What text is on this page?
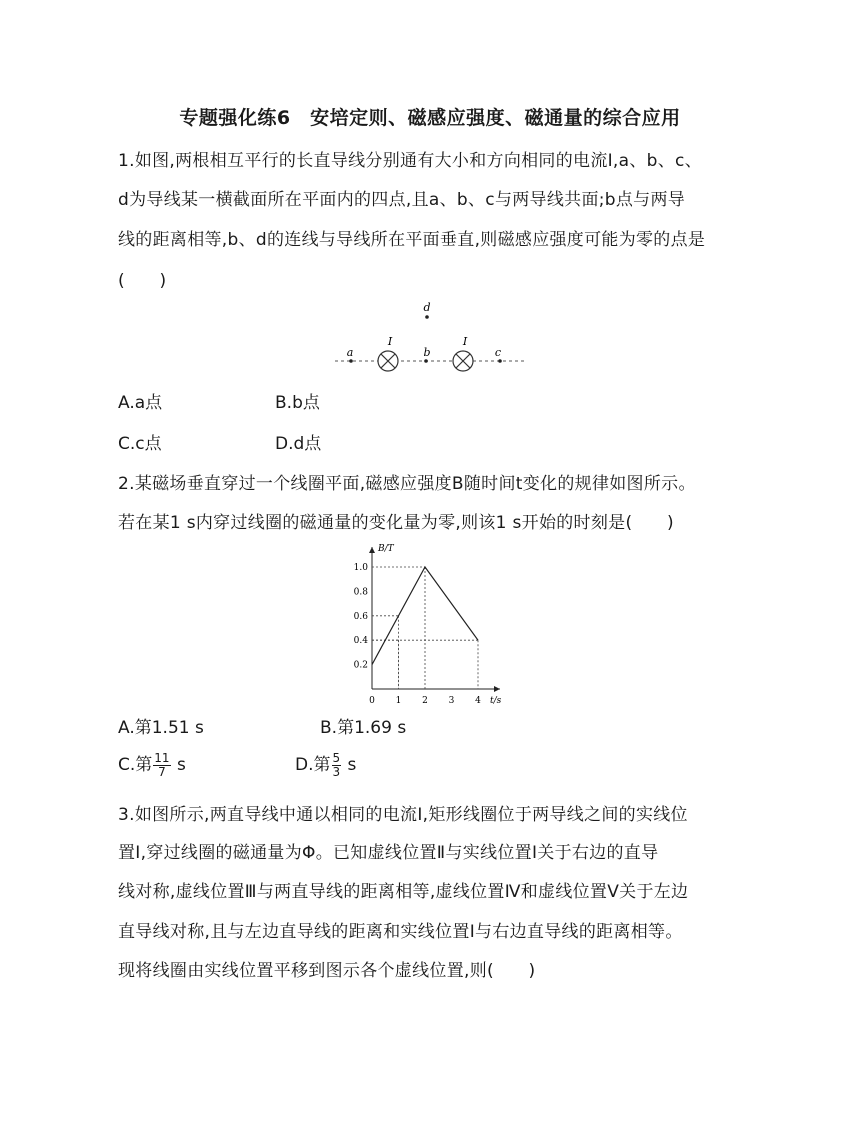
专题强化练6　安培定则、磁感应强度、磁通量的综合应用
1.如图,两根相互平行的长直导线分别通有大小和方向相同的电流I,a、b、c、
d为导线某一横截面所在平面内的四点,且a、b、c与两导线共面;b点与两导
线的距离相等,b、d的连线与导线所在平面垂直,则磁感应强度可能为零的点是
(　　)
a	b	c
d
I	I
A.a点	B.b点
C.c点	D.d点
2.某磁场垂直穿过一个线圈平面,磁感应强度B随时间t变化的规律如图所示。
若在某1 s内穿过线圈的磁通量的变化量为零,则该1 s开始的时刻是(　　)
t/s
B/T
0 1 2 3 4
0.2
0.4
0.6
0.8
1.0
A.第1.51 s	B.第1.69 s
C.第 $\frac{11}{7}$ s	D.第 $\frac{5}{3}$ s
3.如图所示,两直导线中通以相同的电流I,矩形线圈位于两导线之间的实线位
置Ⅰ,穿过线圈的磁通量为Φ。已知虚线位置Ⅱ与实线位置Ⅰ关于右边的直导
线对称,虚线位置Ⅲ与两直导线的距离相等,虚线位置Ⅳ和虚线位置Ⅴ关于左边
直导线对称,且与左边直导线的距离和实线位置Ⅰ与右边直导线的距离相等。
现将线圈由实线位置平移到图示各个虚线位置,则(　　)
